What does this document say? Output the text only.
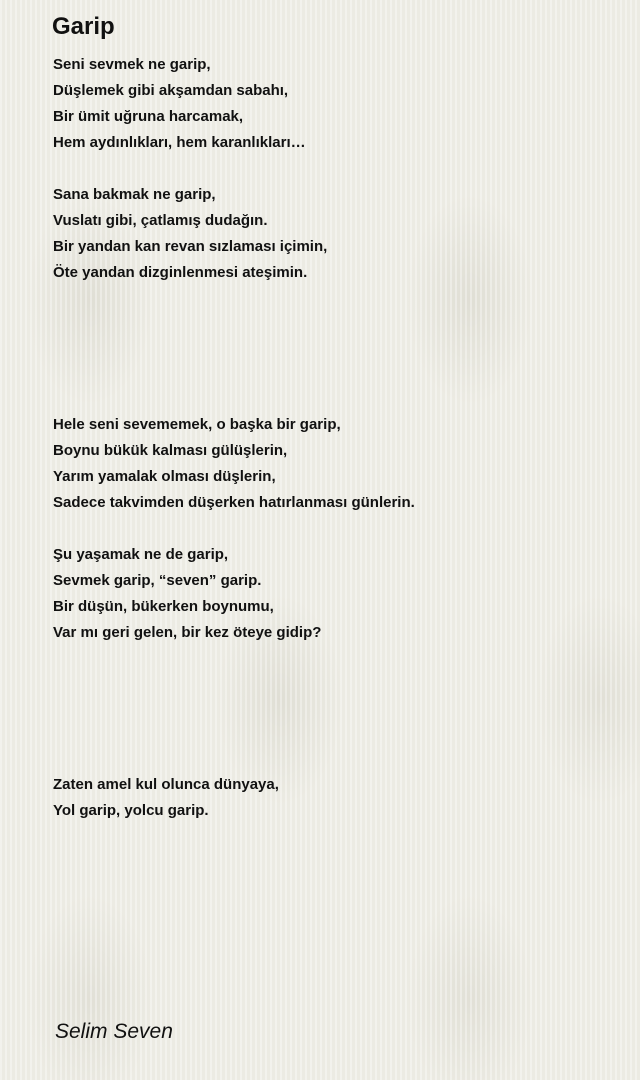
Garip
Seni sevmek ne garip,
Düşlemek gibi akşamdan sabahı,
Bir ümit uğruna harcamak,
Hem aydınlıkları, hem karanlıkları…
Sana bakmak ne garip,
Vuslatı gibi, çatlamış dudağın.
Bir yandan kan revan sızlaması içimin,
Öte yandan dizginlenmesi ateşimin.
Hele seni sevememek, o başka bir garip,
Boynu bükük kalması gülüşlerin,
Yarım yamalak olması düşlerin,
Sadece takvimden düşerken hatırlanması günlerin.
Şu yaşamak ne de garip,
Sevmek garip, “seven” garip.
Bir düşün, bükerken boynumu,
Var mı geri gelen, bir kez öteye gidip?
Zaten amel kul olunca dünyaya,
Yol garip, yolcu garip.
Selim Seven
